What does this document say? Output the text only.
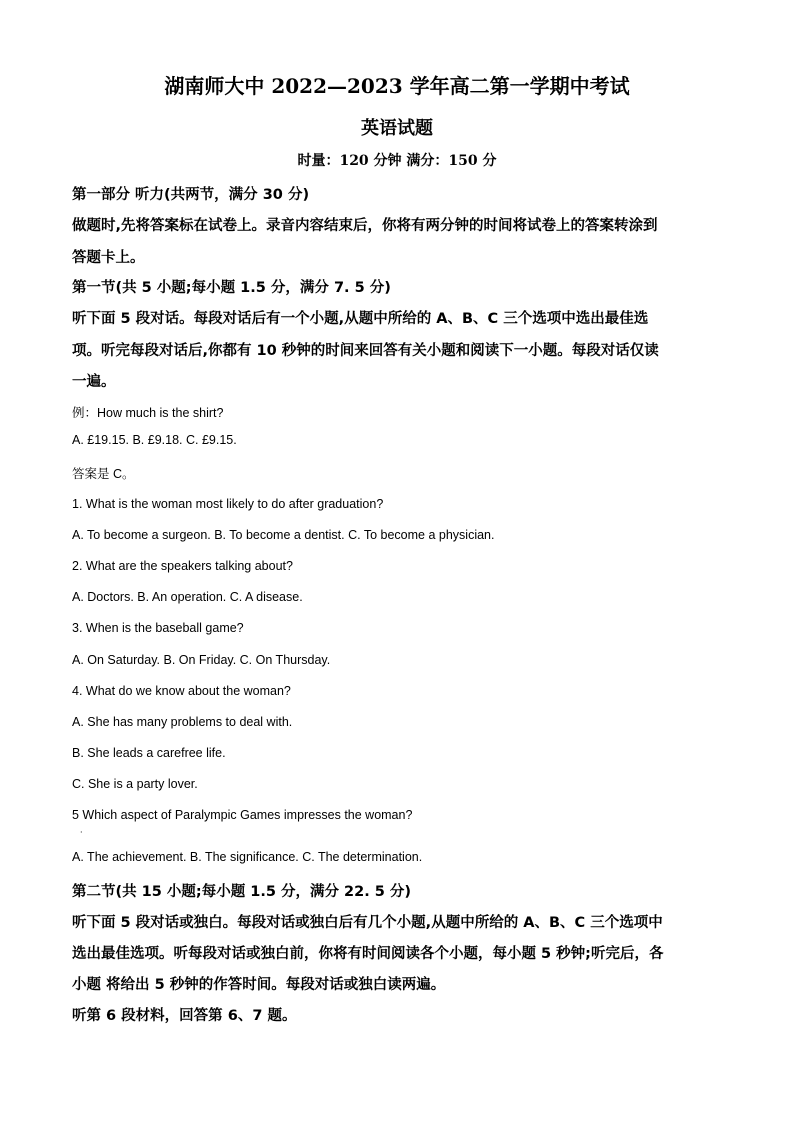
湖南师大中 2022—2023 学年高二第一学期中考试
英语试题
时量：120 分钟 满分：150 分
第一部分 听力(共两节，满分 30 分)
做题时,先将答案标在试卷上。录音内容结束后，你将有两分钟的时间将试卷上的答案转涂到
答题卡上。
第一节(共 5 小题;每小题 1.5 分，满分 7. 5 分)
听下面 5 段对话。每段对话后有一个小题,从题中所给的 A、B、C 三个选项中选出最佳选
项。听完每段对话后,你都有 10 秒钟的时间来回答有关小题和阅读下一小题。每段对话仅读
一遍。
例：How much is the shirt?
A. £19.15. B. £9.18. C. £9.15.
答案是 C。
1. What is the woman most likely to do after graduation?
A. To become a surgeon. B. To become a dentist. C. To become a physician.
2. What are the speakers talking about?
A. Doctors. B. An operation. C. A disease.
3. When is the baseball game?
A. On Saturday. B. On Friday. C. On Thursday.
4. What do we know about the woman?
A. She has many problems to deal with.
B. She leads a carefree life.
C. She is a party lover.
5 Which aspect of Paralympic Games impresses the woman?
·
A. The achievement. B. The significance. C. The determination.
第二节(共 15 小题;每小题 1.5 分，满分 22. 5 分)
听下面 5 段对话或独白。每段对话或独白后有几个小题,从题中所给的 A、B、C 三个选项中
选出最佳选项。听每段对话或独白前，你将有时间阅读各个小题，每小题 5 秒钟;听完后，各
小题 将给出 5 秒钟的作答时间。每段对话或独白读两遍。
听第 6 段材料，回答第 6、7 题。
